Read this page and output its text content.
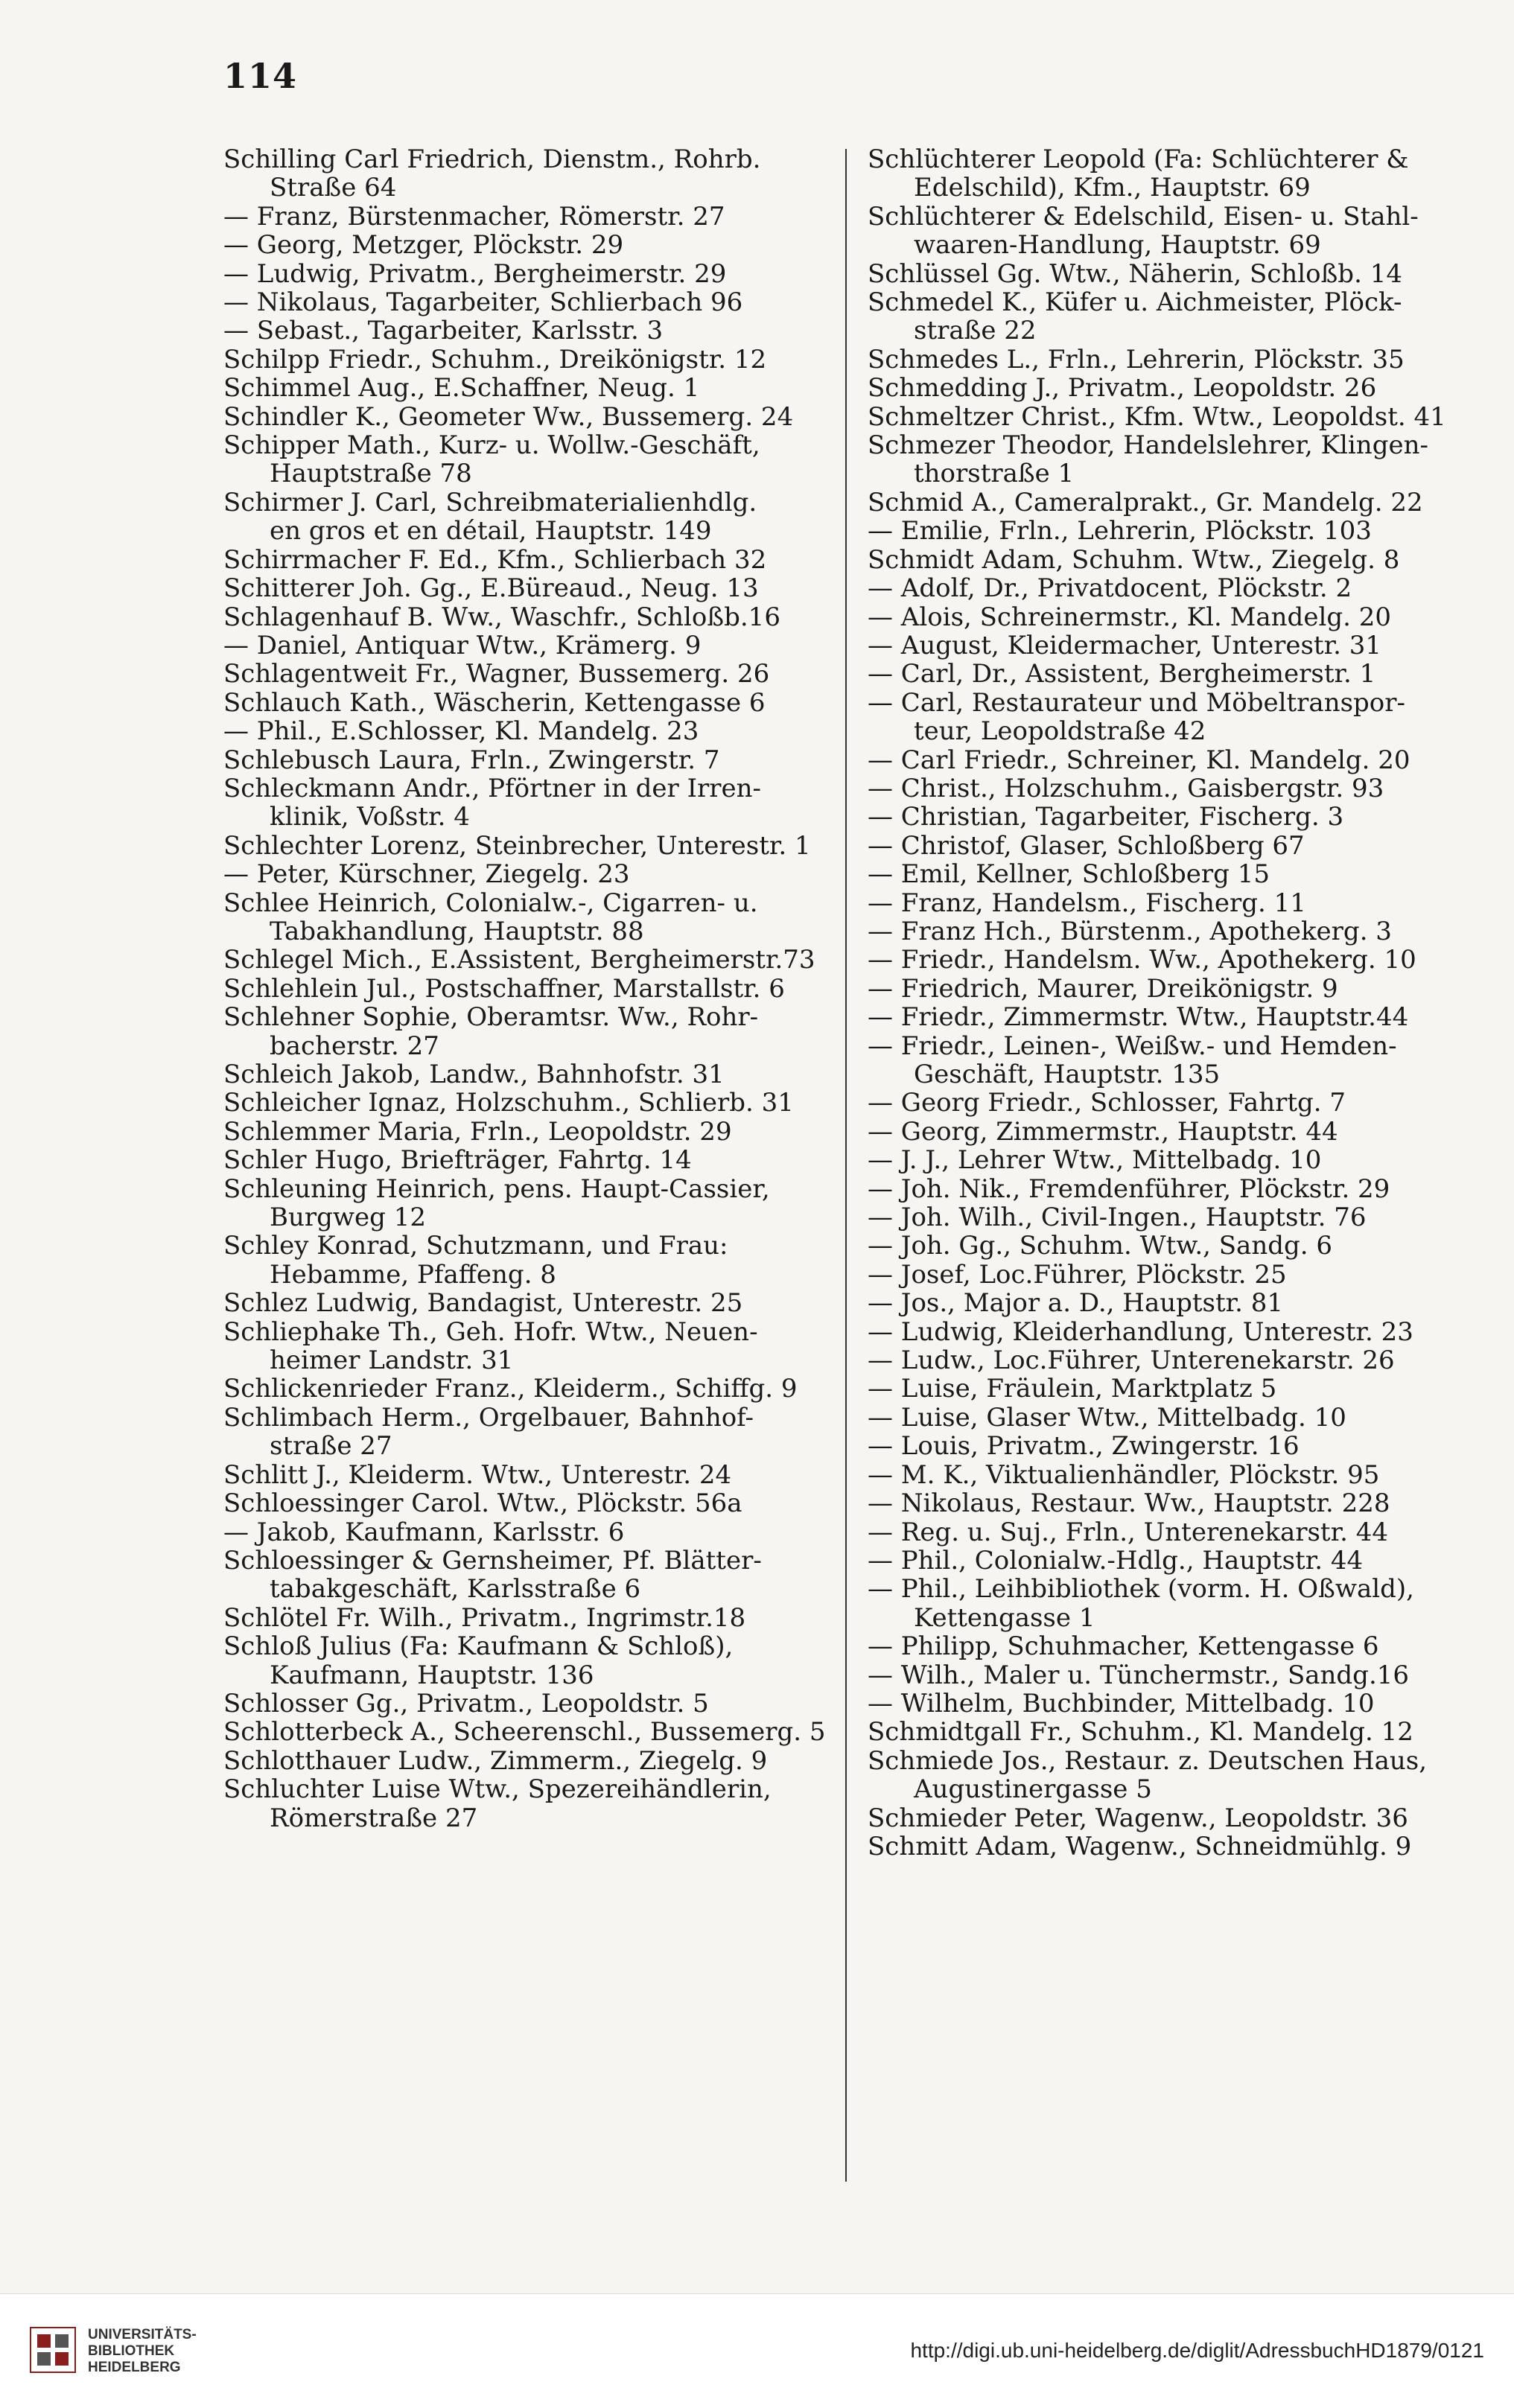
114
Schilling Carl Friedrich, Dienstm., Rohrb.
Straße 64
— Franz, Bürstenmacher, Römerstr. 27
— Georg, Metzger, Plöckstr. 29
— Ludwig, Privatm., Bergheimerstr. 29
— Nikolaus, Tagarbeiter, Schlierbach 96
— Sebast., Tagarbeiter, Karlsstr. 3
Schilpp Friedr., Schuhm., Dreikönigstr. 12
Schimmel Aug., E.Schaffner, Neug. 1
Schindler K., Geometer Ww., Bussemerg. 24
Schipper Math., Kurz- u. Wollw.-Geschäft,
Hauptstraße 78
Schirmer J. Carl, Schreibmaterialienhdlg.
en gros et en détail, Hauptstr. 149
Schirrmacher F. Ed., Kfm., Schlierbach 32
Schitterer Joh. Gg., E.Büreaud., Neug. 13
Schlagenhauf B. Ww., Waschfr., Schloßb.16
— Daniel, Antiquar Wtw., Krämerg. 9
Schlagentweit Fr., Wagner, Bussemerg. 26
Schlauch Kath., Wäscherin, Kettengasse 6
— Phil., E.Schlosser, Kl. Mandelg. 23
Schlebusch Laura, Frln., Zwingerstr. 7
Schleckmann Andr., Pförtner in der Irren-
klinik, Voßstr. 4
Schlechter Lorenz, Steinbrecher, Unterestr. 1
— Peter, Kürschner, Ziegelg. 23
Schlee Heinrich, Colonialw.-, Cigarren- u.
Tabakhandlung, Hauptstr. 88
Schlegel Mich., E.Assistent, Bergheimerstr.73
Schlehlein Jul., Postschaffner, Marstallstr. 6
Schlehner Sophie, Oberamtsr. Ww., Rohr-
bacherstr. 27
Schleich Jakob, Landw., Bahnhofstr. 31
Schleicher Ignaz, Holzschuhm., Schlierb. 31
Schlemmer Maria, Frln., Leopoldstr. 29
Schler Hugo, Briefträger, Fahrtg. 14
Schleuning Heinrich, pens. Haupt-Cassier,
Burgweg 12
Schley Konrad, Schutzmann, und Frau:
Hebamme, Pfaffeng. 8
Schlez Ludwig, Bandagist, Unterestr. 25
Schliephake Th., Geh. Hofr. Wtw., Neuen-
heimer Landstr. 31
Schlickenrieder Franz., Kleiderm., Schiffg. 9
Schlimbach Herm., Orgelbauer, Bahnhof-
straße 27
Schlitt J., Kleiderm. Wtw., Unterestr. 24
Schloessinger Carol. Wtw., Plöckstr. 56a
— Jakob, Kaufmann, Karlsstr. 6
Schloessinger & Gernsheimer, Pf. Blätter-
tabakgeschäft, Karlsstraße 6
Schlötel Fr. Wilh., Privatm., Ingrimstr.18
Schloß Julius (Fa: Kaufmann & Schloß),
Kaufmann, Hauptstr. 136
Schlosser Gg., Privatm., Leopoldstr. 5
Schlotterbeck A., Scheerenschl., Bussemerg. 5
Schlotthauer Ludw., Zimmerm., Ziegelg. 9
Schluchter Luise Wtw., Spezereihändlerin,
Römerstraße 27
Schlüchterer Leopold (Fa: Schlüchterer &
Edelschild), Kfm., Hauptstr. 69
Schlüchterer & Edelschild, Eisen- u. Stahl-
waaren-Handlung, Hauptstr. 69
Schlüssel Gg. Wtw., Näherin, Schloßb. 14
Schmedel K., Küfer u. Aichmeister, Plöck-
straße 22
Schmedes L., Frln., Lehrerin, Plöckstr. 35
Schmedding J., Privatm., Leopoldstr. 26
Schmeltzer Christ., Kfm. Wtw., Leopoldst. 41
Schmezer Theodor, Handelslehrer, Klingen-
thorstraße 1
Schmid A., Cameralprakt., Gr. Mandelg. 22
— Emilie, Frln., Lehrerin, Plöckstr. 103
Schmidt Adam, Schuhm. Wtw., Ziegelg. 8
— Adolf, Dr., Privatdocent, Plöckstr. 2
— Alois, Schreinermstr., Kl. Mandelg. 20
— August, Kleidermacher, Unterestr. 31
— Carl, Dr., Assistent, Bergheimerstr. 1
— Carl, Restaurateur und Möbeltranspor-
teur, Leopoldstraße 42
— Carl Friedr., Schreiner, Kl. Mandelg. 20
— Christ., Holzschuhm., Gaisbergstr. 93
— Christian, Tagarbeiter, Fischerg. 3
— Christof, Glaser, Schloßberg 67
— Emil, Kellner, Schloßberg 15
— Franz, Handelsm., Fischerg. 11
— Franz Hch., Bürstenm., Apothekerg. 3
— Friedr., Handelsm. Ww., Apothekerg. 10
— Friedrich, Maurer, Dreikönigstr. 9
— Friedr., Zimmermstr. Wtw., Hauptstr.44
— Friedr., Leinen-, Weißw.- und Hemden-
Geschäft, Hauptstr. 135
— Georg Friedr., Schlosser, Fahrtg. 7
— Georg, Zimmermstr., Hauptstr. 44
— J. J., Lehrer Wtw., Mittelbadg. 10
— Joh. Nik., Fremdenführer, Plöckstr. 29
— Joh. Wilh., Civil-Ingen., Hauptstr. 76
— Joh. Gg., Schuhm. Wtw., Sandg. 6
— Josef, Loc.Führer, Plöckstr. 25
— Jos., Major a. D., Hauptstr. 81
— Ludwig, Kleiderhandlung, Unterestr. 23
— Ludw., Loc.Führer, Unterenekarstr. 26
— Luise, Fräulein, Marktplatz 5
— Luise, Glaser Wtw., Mittelbadg. 10
— Louis, Privatm., Zwingerstr. 16
— M. K., Viktualienhändler, Plöckstr. 95
— Nikolaus, Restaur. Ww., Hauptstr. 228
— Reg. u. Suj., Frln., Unterenekarstr. 44
— Phil., Colonialw.-Hdlg., Hauptstr. 44
— Phil., Leihbibliothek (vorm. H. Oßwald),
Kettengasse 1
— Philipp, Schuhmacher, Kettengasse 6
— Wilh., Maler u. Tünchermstr., Sandg.16
— Wilhelm, Buchbinder, Mittelbadg. 10
Schmidtgall Fr., Schuhm., Kl. Mandelg. 12
Schmiede Jos., Restaur. z. Deutschen Haus,
Augustinergasse 5
Schmieder Peter, Wagenw., Leopoldstr. 36
Schmitt Adam, Wagenw., Schneidmühlg. 9
UNIVERSITÄTS-
BIBLIOTHEK
HEIDELBERG
http://digi.ub.uni-heidelberg.de/diglit/AdressbuchHD1879/0121
